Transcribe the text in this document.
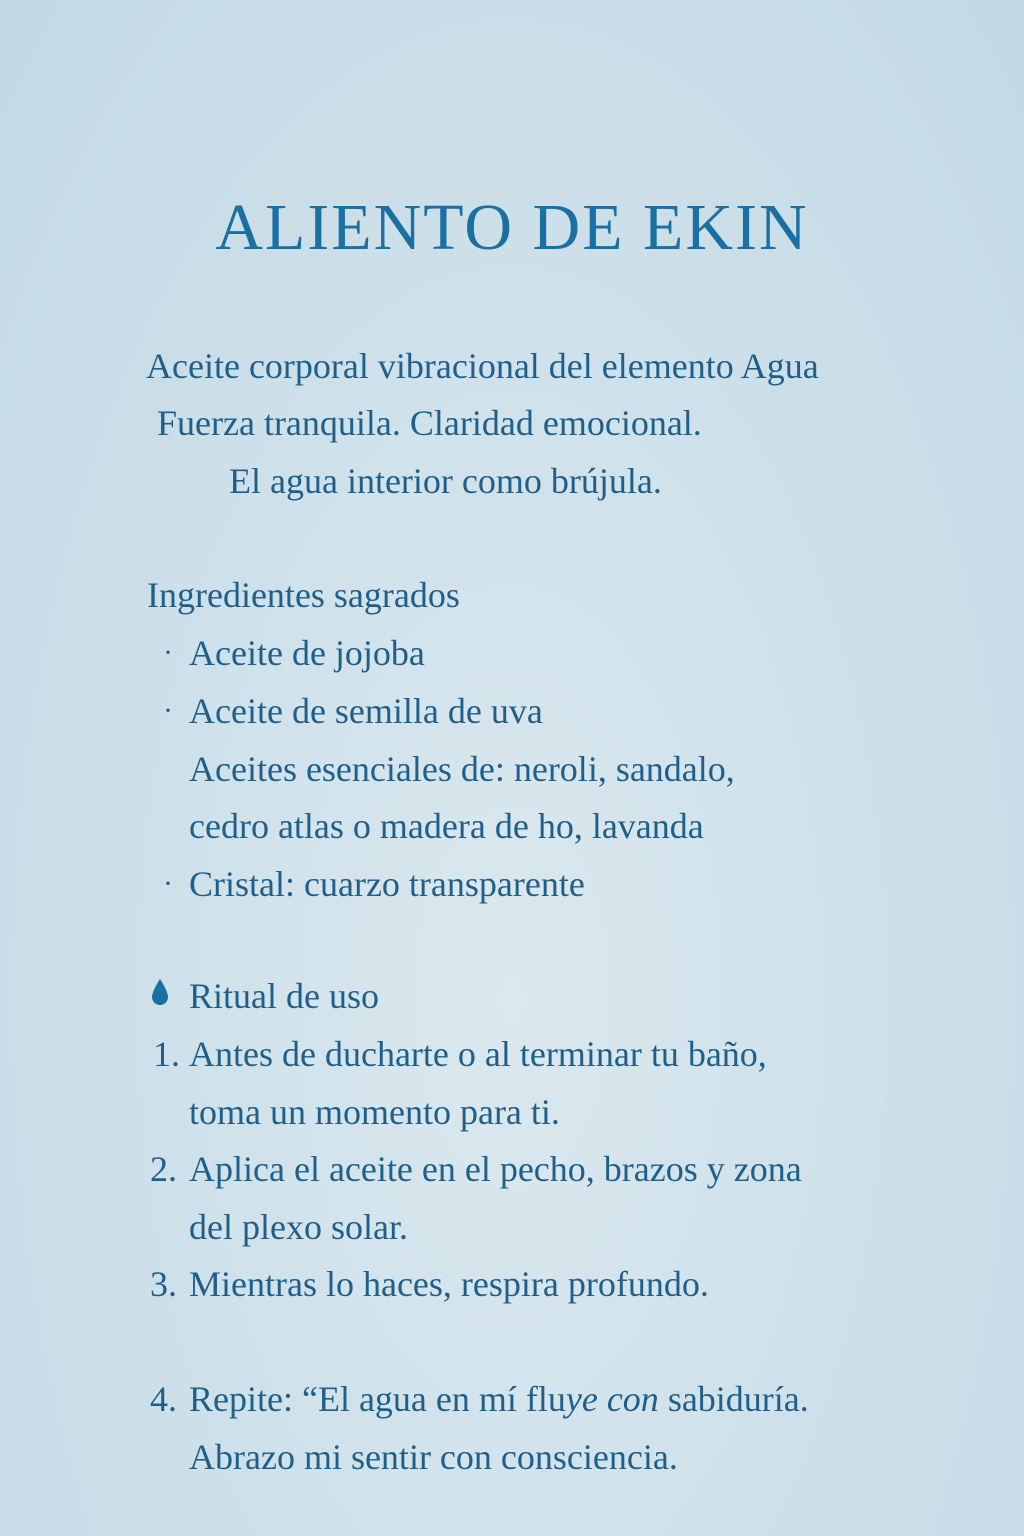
ALIENTO DE EKIN
Aceite corporal vibracional del elemento Agua
Fuerza tranquila. Claridad emocional.
El agua interior como brújula.
Ingredientes sagrados
· Aceite de jojoba
· Aceite de semilla de uva
Aceites esenciales de: neroli, sandalo,
cedro atlas o madera de ho, lavanda
· Cristal: cuarzo transparente
Ritual de uso
1. Antes de ducharte o al terminar tu baño,
toma un momento para ti.
2. Aplica el aceite en el pecho, brazos y zona
del plexo solar.
3. Mientras lo haces, respira profundo.
4. Repite: “El agua en mí fluye con sabiduría.
Abrazo mi sentir con consciencia.
